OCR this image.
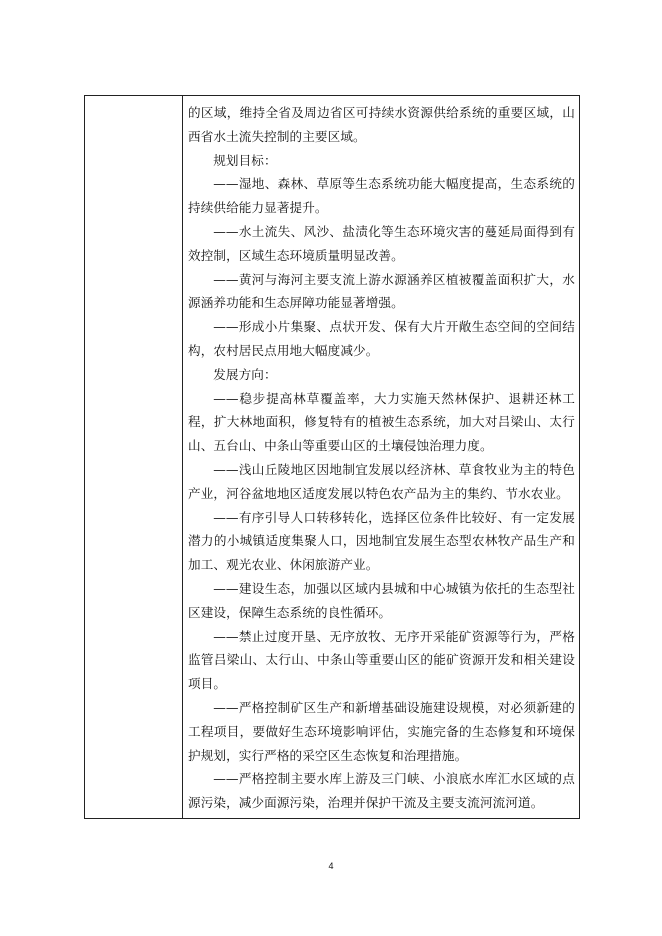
的区域，维持全省及周边省区可持续水资源供给系统的重要区域，山西省水土流失控制的主要区域。

规划目标：

——湿地、森林、草原等生态系统功能大幅度提高，生态系统的持续供给能力显著提升。

——水土流失、风沙、盐渍化等生态环境灾害的蔓延局面得到有效控制，区域生态环境质量明显改善。

——黄河与海河主要支流上游水源涵养区植被覆盖面积扩大，水源涵养功能和生态屏障功能显著增强。

——形成小片集聚、点状开发、保有大片开敞生态空间的空间结构，农村居民点用地大幅度减少。

发展方向：

——稳步提高林草覆盖率，大力实施天然林保护、退耕还林工程，扩大林地面积，修复特有的植被生态系统，加大对吕梁山、太行山、五台山、中条山等重要山区的土壤侵蚀治理力度。

——浅山丘陵地区因地制宜发展以经济林、草食牧业为主的特色产业，河谷盆地地区适度发展以特色农产品为主的集约、节水农业。

——有序引导人口转移转化，选择区位条件比较好、有一定发展潜力的小城镇适度集聚人口，因地制宜发展生态型农林牧产品生产和加工、观光农业、休闲旅游产业。

——建设生态，加强以区域内县城和中心城镇为依托的生态型社区建设，保障生态系统的良性循环。

——禁止过度开垦、无序放牧、无序开采能矿资源等行为，严格监管吕梁山、太行山、中条山等重要山区的能矿资源开发和相关建设项目。

——严格控制矿区生产和新增基础设施建设规模，对必须新建的工程项目，要做好生态环境影响评估，实施完备的生态修复和环境保护规划，实行严格的采空区生态恢复和治理措施。

——严格控制主要水库上游及三门峡、小浪底水库汇水区域的点源污染，减少面源污染，治理并保护干流及主要支流河流河道。

4
